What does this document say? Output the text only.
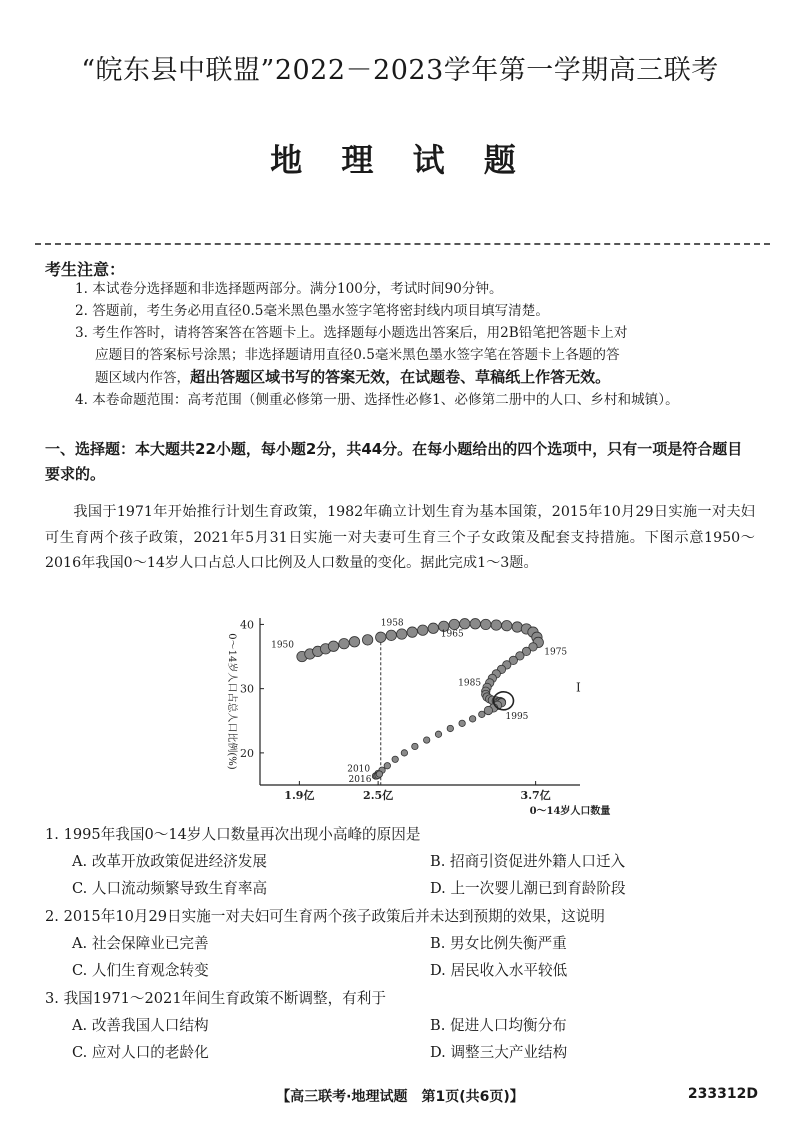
“皖东县中联盟”2022－2023学年第一学期高三联考
地 理 试 题
考生注意：
1. 本试卷分选择题和非选择题两部分。满分100分，考试时间90分钟。
2. 答题前，考生务必用直径0.5毫米黑色墨水签字笔将密封线内项目填写清楚。
3. 考生作答时，请将答案答在答题卡上。选择题每小题选出答案后，用2B铅笔把答题卡上对
应题目的答案标号涂黑；非选择题请用直径0.5毫米黑色墨水签字笔在答题卡上各题的答
题区域内作答，超出答题区域书写的答案无效，在试题卷、草稿纸上作答无效。
4. 本卷命题范围：高考范围（侧重必修第一册、选择性必修1、必修第二册中的人口、乡村和城镇）。
一、选择题：本大题共22小题，每小题2分，共44分。在每小题给出的四个选项中，只有一项是符合题目要求的。
我国于1971年开始推行计划生育政策，1982年确立计划生育为基本国策，2015年10月29日实施一对夫妇可生育两个孩子政策，2021年5月31日实施一对夫妻可生育三个子女政策及配套支持措施。下图示意1950～2016年我国0～14岁人口占总人口比例及人口数量的变化。据此完成1～3题。
20
30
40
1.9亿	2.5亿	3.7亿
0～14岁人口占总人口比例(%)
0～14岁人口数量
1950
1958
1965
1975
1985
1995
2010
2016
I
1. 1995年我国0～14岁人口数量再次出现小高峰的原因是
A. 改革开放政策促进经济发展	B. 招商引资促进外籍人口迁入
C. 人口流动频繁导致生育率高	D. 上一次婴儿潮已到育龄阶段
2. 2015年10月29日实施一对夫妇可生育两个孩子政策后并未达到预期的效果，这说明
A. 社会保障业已完善	B. 男女比例失衡严重
C. 人们生育观念转变	D. 居民收入水平较低
3. 我国1971～2021年间生育政策不断调整，有利于
A. 改善我国人口结构	B. 促进人口均衡分布
C. 应对人口的老龄化	D. 调整三大产业结构
【高三联考·地理试题　第1页(共6页)】	233312D
